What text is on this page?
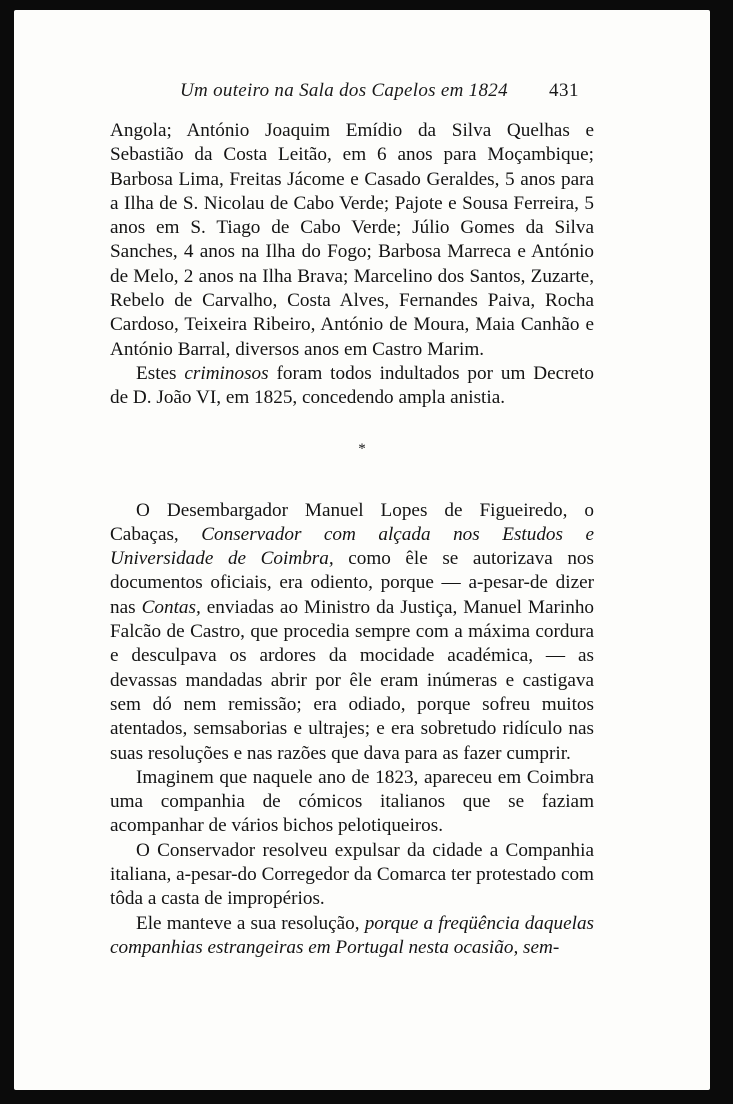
Um outeiro na Sala dos Capelos em 1824 431

Angola; António Joaquim Emídio da Silva Quelhas e Sebastião da Costa Leitão, em 6 anos para Moçambique; Barbosa Lima, Freitas Jácome e Casado Geraldes, 5 anos para a Ilha de S. Nicolau de Cabo Verde; Pajote e Sousa Ferreira, 5 anos em S. Tiago de Cabo Verde; Júlio Gomes da Silva Sanches, 4 anos na Ilha do Fogo; Barbosa Marreca e António de Melo, 2 anos na Ilha Brava; Marcelino dos Santos, Zuzarte, Rebelo de Carvalho, Costa Alves, Fernandes Paiva, Rocha Cardoso, Teixeira Ribeiro, António de Moura, Maia Canhão e António Barral, diversos anos em Castro Marim.

Estes criminosos foram todos indultados por um Decreto de D. João VI, em 1825, concedendo ampla anistia.

*

O Desembargador Manuel Lopes de Figueiredo, o Cabaças, Conservador com alçada nos Estudos e Universidade de Coimbra, como êle se autorizava nos documentos oficiais, era odiento, porque — a-pesar-de dizer nas Contas, enviadas ao Ministro da Justiça, Manuel Marinho Falcão de Castro, que procedia sempre com a máxima cordura e desculpava os ardores da mocidade académica, — as devassas mandadas abrir por êle eram inúmeras e castigava sem dó nem remissão; era odiado, porque sofreu muitos atentados, semsaborias e ultrajes; e era sobretudo ridículo nas suas resoluções e nas razões que dava para as fazer cumprir.

Imaginem que naquele ano de 1823, apareceu em Coimbra uma companhia de cómicos italianos que se faziam acompanhar de vários bichos pelotiqueiros.

O Conservador resolveu expulsar da cidade a Companhia italiana, a-pesar-do Corregedor da Comarca ter protestado com tôda a casta de impropérios.

Ele manteve a sua resolução, porque a freqüência daquelas companhias estrangeiras em Portugal nesta ocasião, sem-
